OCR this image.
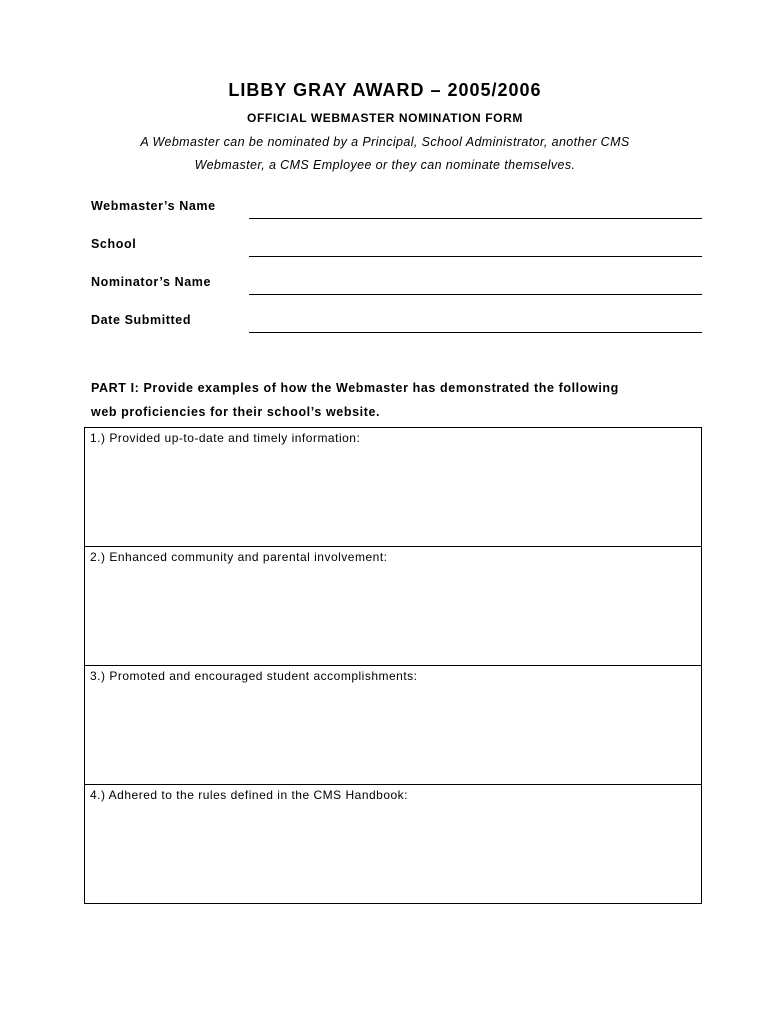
LIBBY GRAY AWARD – 2005/2006
OFFICIAL WEBMASTER NOMINATION FORM

A Webmaster can be nominated by a Principal, School Administrator, another CMS

Webmaster, a CMS Employee or they can nominate themselves.

Webmaster’s Name
School
Nominator’s Name
Date Submitted

PART I: Provide examples of how the Webmaster has demonstrated the following

web proficiencies for their school’s website.

1.) Provided up-to-date and timely information:
2.) Enhanced community and parental involvement:
3.) Promoted and encouraged student accomplishments:
4.) Adhered to the rules defined in the CMS Handbook:
